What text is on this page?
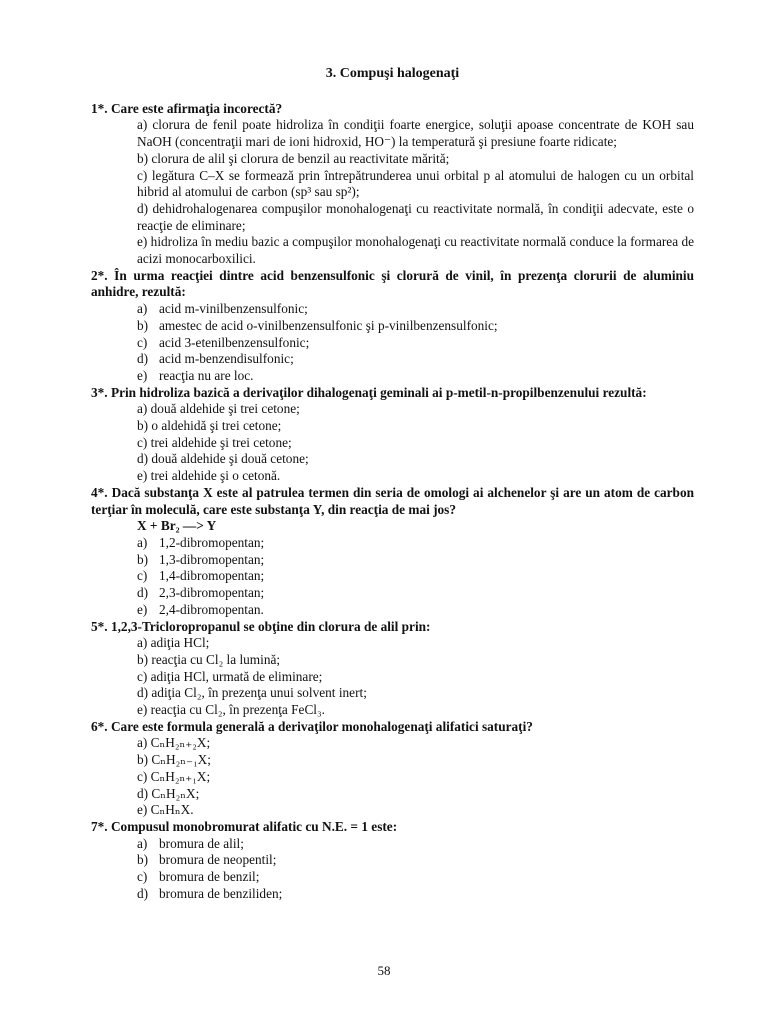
3. Compuşi halogenaţi
1*. Care este afirmaţia incorectă?
a) clorura de fenil poate hidroliza în condiţii foarte energice, soluţii apoase concentrate de KOH sau NaOH (concentraţii mari de ioni hidroxid, HO⁻) la temperatură şi presiune foarte ridicate;
b) clorura de alil şi clorura de benzil au reactivitate mărită;
c) legătura C–X se formează prin întrepătrunderea unui orbital p al atomului de halogen cu un orbital hibrid al atomului de carbon (sp³ sau sp²);
d) dehidrohalogenarea compuşilor monohalogenaţi cu reactivitate normală, în condiţii adecvate, este o reacţie de eliminare;
e) hidroliza în mediu bazic a compuşilor monohalogenaţi cu reactivitate normală conduce la formarea de acizi monocarboxilici.
2*. În urma reacţiei dintre acid benzensulfonic şi clorură de vinil, în prezenţa clorurii de aluminiu anhidre, rezultă:
a) acid m-vinilbenzensulfonic;
b) amestec de acid o-vinilbenzensulfonic şi p-vinilbenzensulfonic;
c) acid 3-etenilbenzensulfonic;
d) acid m-benzendisulfonic;
e) reacţia nu are loc.
3*. Prin hidroliza bazică a derivaţilor dihalogenaţi geminali ai p-metil-n-propilbenzenului rezultă:
a) două aldehide şi trei cetone;
b) o aldehidă şi trei cetone;
c) trei aldehide şi trei cetone;
d) două aldehide şi două cetone;
e) trei aldehide şi o cetonă.
4*. Dacă substanţa X este al patrulea termen din seria de omologi ai alchenelor şi are un atom de carbon terţiar în moleculă, care este substanţa Y, din reacţia de mai jos?
X + Br₂ —> Y
a) 1,2-dibromopentan;
b) 1,3-dibromopentan;
c) 1,4-dibromopentan;
d) 2,3-dibromopentan;
e) 2,4-dibromopentan.
5*. 1,2,3-Tricloropropanul se obţine din clorura de alil prin:
a) adiţia HCl;
b) reacţia cu Cl₂ la lumină;
c) adiţia HCl, urmată de eliminare;
d) adiţia Cl₂, în prezenţa unui solvent inert;
e) reacţia cu Cl₂, în prezenţa FeCl₃.
6*. Care este formula generală a derivaţilor monohalogenaţi alifatici saturaţi?
a) CₙH₂ₙ₊₂X;
b) CₙH₂ₙ₋₁X;
c) CₙH₂ₙ₊₁X;
d) CₙH₂ₙX;
e) CₙHₙX.
7*. Compusul monobromurat alifatic cu N.E. = 1 este:
a) bromura de alil;
b) bromura de neopentil;
c) bromura de benzil;
d) bromura de benziliden;
58
